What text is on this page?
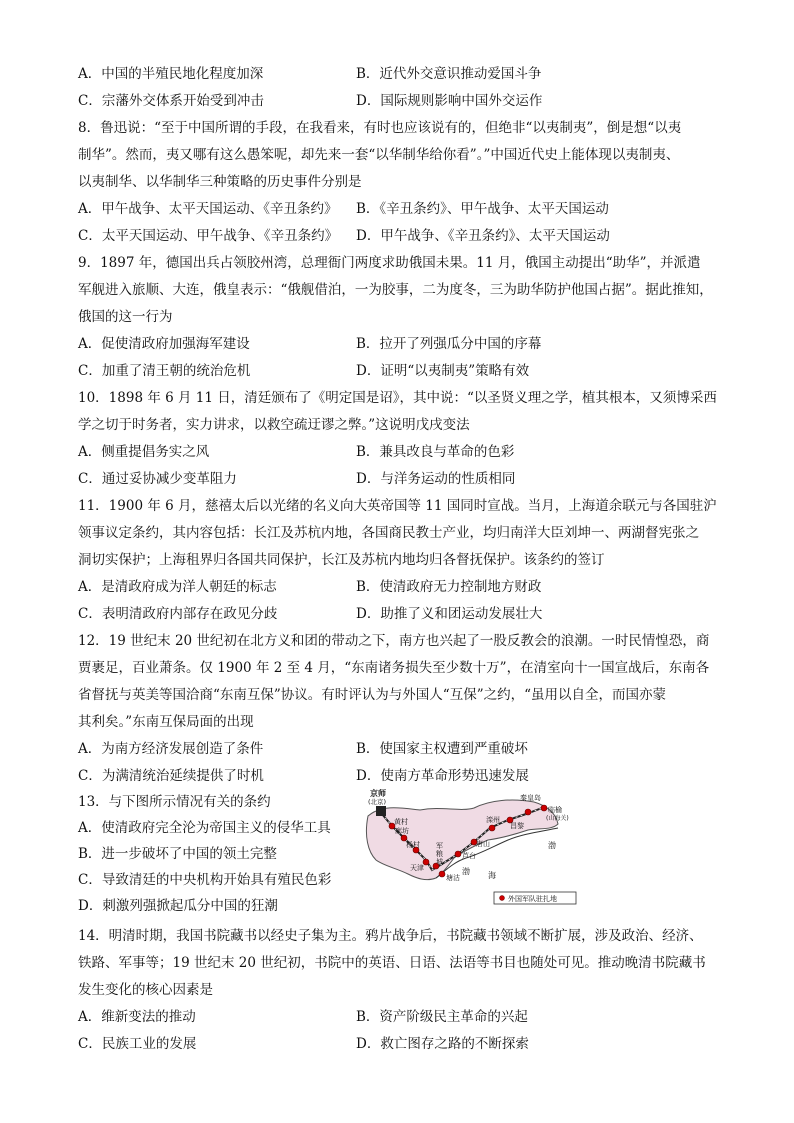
A．中国的半殖民地化程度加深	B．近代外交意识推动爱国斗争
C．宗藩外交体系开始受到冲击	D．国际规则影响中国外交运作
8．鲁迅说：“至于中国所谓的手段，在我看来，有时也应该说有的，但绝非“以夷制夷”，倒是想“以夷
制华”。然而，夷又哪有这么愚笨呢，却先来一套“以华制华给你看”。”中国近代史上能体现以夷制夷、
以夷制华、以华制华三种策略的历史事件分别是
A．甲午战争、太平天国运动、《辛丑条约》 B．《辛丑条约》、甲午战争、太平天国运动
C．太平天国运动、甲午战争、《辛丑条约》 D．甲午战争、《辛丑条约》、太平天国运动
9．1897 年，德国出兵占领胶州湾，总理衙门两度求助俄国未果。11 月，俄国主动提出“助华”，并派遣
军舰进入旅顺、大连，俄皇表示：“俄舰借泊，一为胶事，二为度冬，三为助华防护他国占据”。据此推知，
俄国的这一行为
A．促使清政府加强海军建设	B．拉开了列强瓜分中国的序幕
C．加重了清王朝的统治危机	D．证明“以夷制夷”策略有效
10．1898 年 6 月 11 日，清廷颁布了《明定国是诏》，其中说：“以圣贤义理之学，植其根本，又须博采西
学之切于时务者，实力讲求，以救空疏迂谬之弊。”这说明戊戌变法
A．侧重提倡务实之风	B．兼具改良与革命的色彩
C．通过妥协减少变革阻力	D．与洋务运动的性质相同
11．1900 年 6 月，慈禧太后以光绪的名义向大英帝国等 11 国同时宣战。当月，上海道余联元与各国驻沪
领事议定条约，其内容包括：长江及苏杭内地，各国商民教士产业，均归南洋大臣刘坤一、两湖督宪张之
洞切实保护；上海租界归各国共同保护，长江及苏杭内地均归各督抚保护。该条约的签订
A．是清政府成为洋人朝廷的标志	B．使清政府无力控制地方财政
C．表明清政府内部存在政见分歧	D．助推了义和团运动发展壮大
12．19 世纪末 20 世纪初在北方义和团的带动之下，南方也兴起了一股反教会的浪潮。一时民情惶恐，商
贾裹足，百业萧条。仅 1900 年 2 至 4 月，“东南诸务损失至少数十万”，在清室向十一国宣战后，东南各
省督抚与英美等国洽商“东南互保”协议。有时评认为与外国人“互保”之约，“虽用以自全，而国亦蒙
其利矣。”东南互保局面的出现
A．为南方经济发展创造了条件	B．使国家主权遭到严重破坏
C．为满清统治延续提供了时机	D．使南方革命形势迅速发展
13．与下图所示情况有关的条约
A．使清政府完全沦为帝国主义的侵华工具
B．进一步破坏了中国的领土完整
C．导致清廷的中央机构开始具有殖民色彩
D．刺激列强掀起瓜分中国的狂潮
京师
(北京)
黄村
廊坊
杨村 军
粮
城
天津
芦台
唐山
滦州
昌黎
秦皇岛
临榆
(山海关)
塘沽
渤 海
渤
外国军队驻扎地
14．明清时期，我国书院藏书以经史子集为主。鸦片战争后，书院藏书领域不断扩展，涉及政治、经济、
铁路、军事等；19 世纪末 20 世纪初，书院中的英语、日语、法语等书目也随处可见。推动晚清书院藏书
发生变化的核心因素是
A．维新变法的推动	B．资产阶级民主革命的兴起
C．民族工业的发展	D．救亡图存之路的不断探索
